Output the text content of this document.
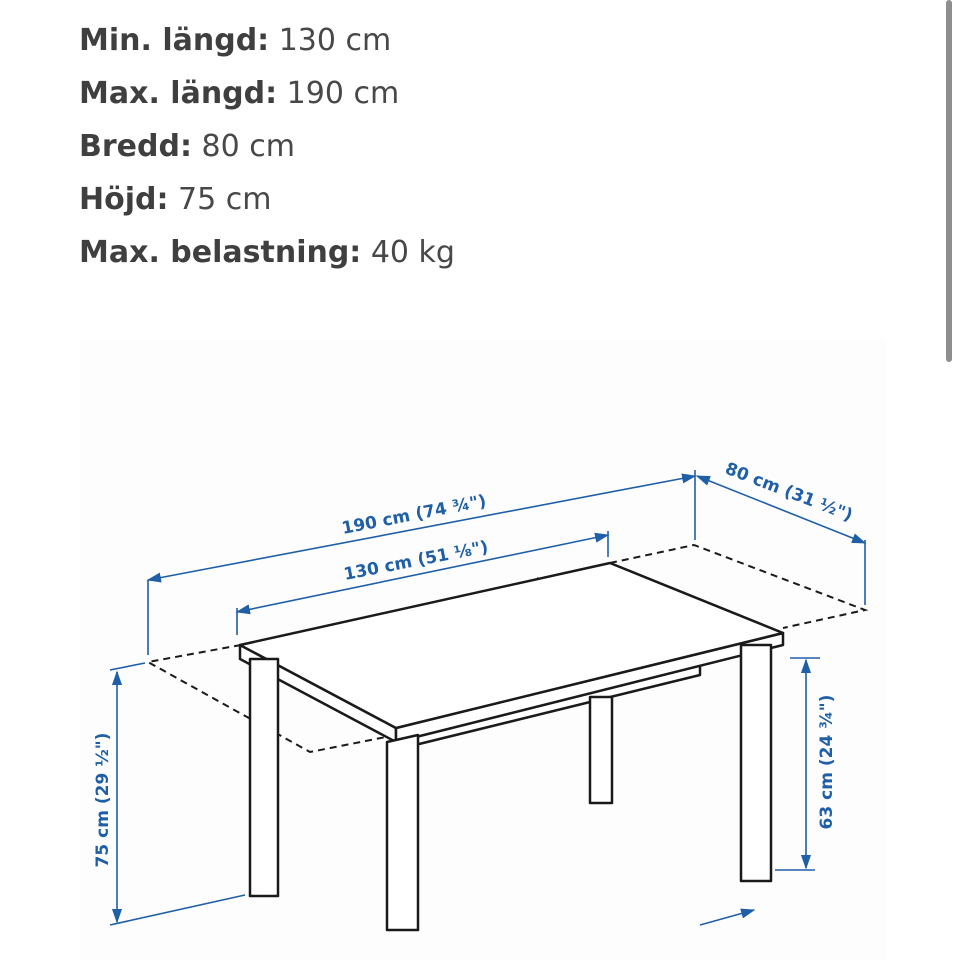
Min. längd: 130 cm
Max. längd: 190 cm
Bredd: 80 cm
Höjd: 75 cm
Max. belastning: 40 kg
190 cm (74 ¾")
130 cm (51 ⅛")
80 cm (31 ½")
75 cm (29 ½")	63 cm (24 ¾")
